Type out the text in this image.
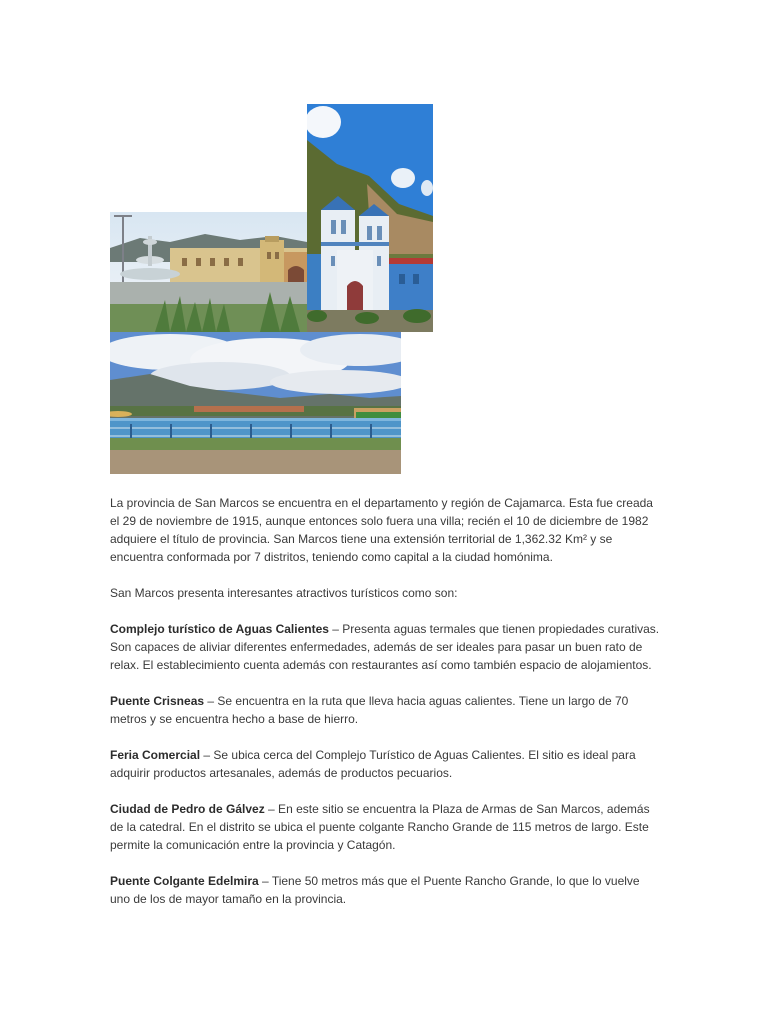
La provincia de San Marcos se encuentra en el departamento y región de Cajamarca. Esta fue creada el 29 de noviembre de 1915, aunque entonces solo fuera una villa; recién el 10 de diciembre de 1982 adquiere el título de provincia. San Marcos tiene una extensión territorial de 1,362.32 Km² y se encuentra conformada por 7 distritos, teniendo como capital a la ciudad homónima.

San Marcos presenta interesantes atractivos turísticos como son:

Complejo turístico de Aguas Calientes – Presenta aguas termales que tienen propiedades curativas. Son capaces de aliviar diferentes enfermedades, además de ser ideales para pasar un buen rato de relax. El establecimiento cuenta además con restaurantes así como también espacio de alojamientos.

Puente Crisneas – Se encuentra en la ruta que lleva hacia aguas calientes. Tiene un largo de 70 metros y se encuentra hecho a base de hierro.

Feria Comercial – Se ubica cerca del Complejo Turístico de Aguas Calientes. El sitio es ideal para adquirir productos artesanales, además de productos pecuarios.

Ciudad de Pedro de Gálvez – En este sitio se encuentra la Plaza de Armas de San Marcos, además de la catedral. En el distrito se ubica el puente colgante Rancho Grande de 115 metros de largo. Este permite la comunicación entre la provincia y Catagón.

Puente Colgante Edelmira – Tiene 50 metros más que el Puente Rancho Grande, lo que lo vuelve uno de los de mayor tamaño en la provincia.
